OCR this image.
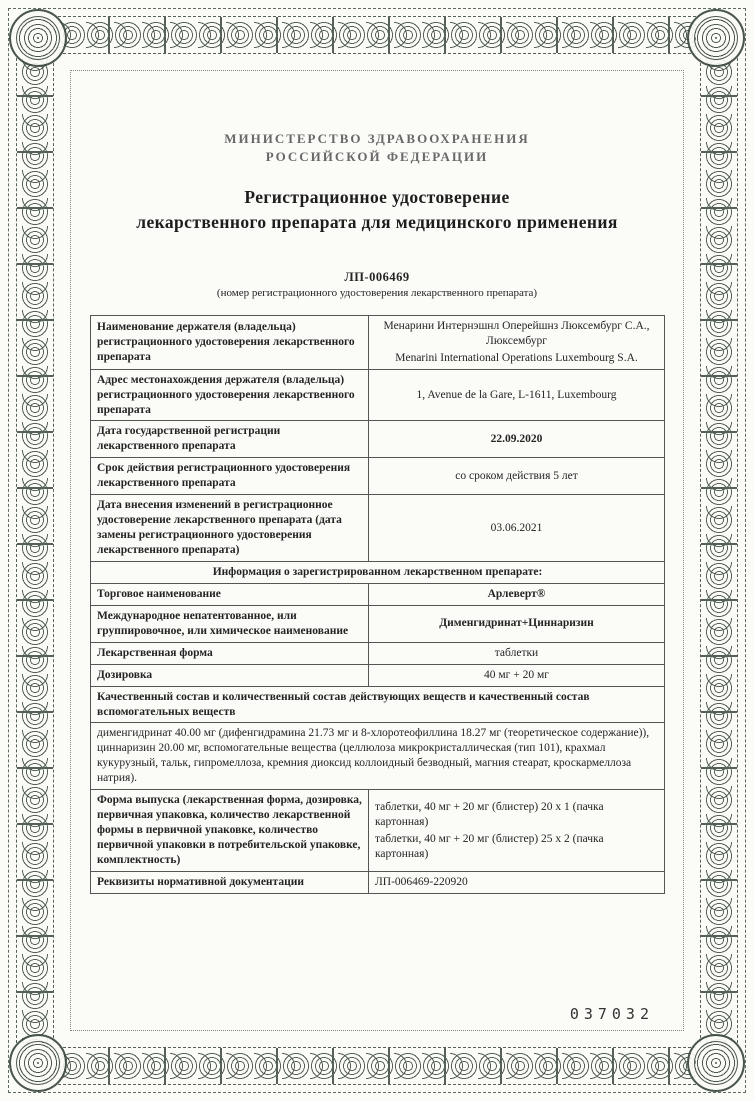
МИНИСТЕРСТВО ЗДРАВООХРАНЕНИЯ
РОССИЙСКОЙ ФЕДЕРАЦИИ
Регистрационное удостоверение
лекарственного препарата для медицинского применения
ЛП-006469
(номер регистрационного удостоверения лекарственного препарата)
Наименование держателя (владельца) регистрационного удостоверения лекарственного препарата	Менарини Интернэшнл Оперейшнз Люксембург С.А., Люксембург
Menarini International Operations Luxembourg S.A.

Адрес местонахождения держателя (владельца) регистрационного удостоверения лекарственного препарата	1, Avenue de la Gare, L-1611, Luxembourg
Дата государственной регистрации лекарственного препарата	22.09.2020
Срок действия регистрационного удостоверения лекарственного препарата	со сроком действия 5 лет
Дата внесения изменений в регистрационное удостоверение лекарственного препарата (дата замены регистрационного удостоверения лекарственного препарата)	03.06.2021
Информация о зарегистрированном лекарственном препарате:	
Торговое наименование	Арлеверт®
Международное непатентованное, или группировочное, или химическое наименование	Дименгидринат+Циннаризин
Лекарственная форма	таблетки
Дозировка	40 мг + 20 мг
Качественный состав и количественный состав действующих веществ и качественный состав вспомогательных веществ	
дименгидринат 40.00 мг (дифенгидрамина 21.73 мг и 8-хлоротеофиллина 18.27 мг (теоретическое содержание)), циннаризин 20.00 мг, вспомогательные вещества (целлюлоза микрокристаллическая (тип 101), крахмал кукурузный, тальк, гипромеллоза, кремния диоксид коллоидный безводный, магния стеарат, кроскармеллоза натрия).	
Форма выпуска (лекарственная форма, дозировка, первичная упаковка, количество лекарственной формы в первичной упаковке, количество первичной упаковки в потребительской упаковке, комплектность)	таблетки, 40 мг + 20 мг (блистер) 20 х 1 (пачка картонная)
таблетки, 40 мг + 20 мг (блистер) 25 х 2 (пачка картонная)

Реквизиты нормативной документации	ЛП-006469-220920
037032
